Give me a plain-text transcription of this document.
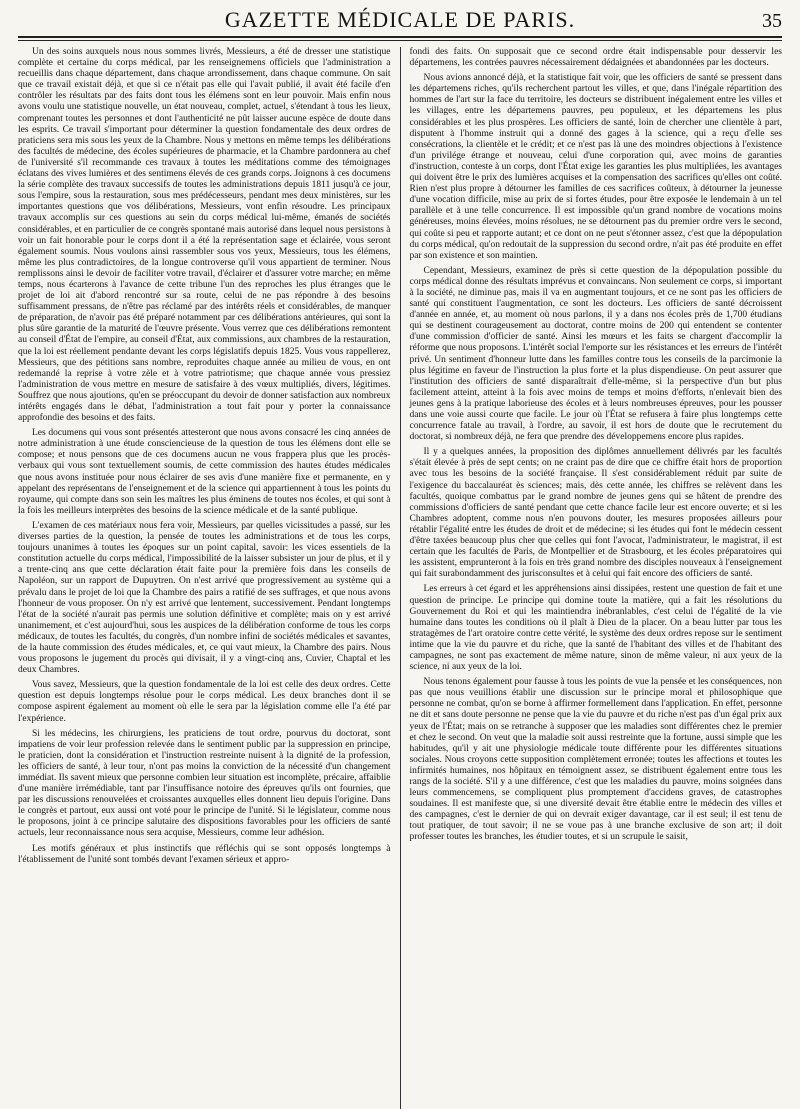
GAZETTE MÉDICALE DE PARIS.	35

Un des soins auxquels nous nous sommes livrés, Messieurs, a été de dresser une statistique complète et certaine du corps médical, par les renseignemens officiels que l'administration a recueillis dans chaque département, dans chaque arrondissement, dans chaque commune. On sait que ce travail existait déjà, et que si ce n'était pas elle qui l'avait publié, il avait été facile d'en contrôler les résultats par des faits dont tous les élémens sont en leur pouvoir. Mais enfin nous avons voulu une statistique nouvelle, un état nouveau, complet, actuel, s'étendant à tous les lieux, comprenant toutes les personnes et dont l'authenticité ne pût laisser aucune espèce de doute dans les esprits. Ce travail s'important pour déterminer la question fondamentale des deux ordres de praticiens sera mis sous les yeux de la Chambre. Nous y mettons en même temps les délibérations des facultés de médecine, des écoles supérieures de pharmacie, et la Chambre pardonnera au chef de l'université s'il recommande ces travaux à toutes les méditations comme des témoignages éclatans des vives lumières et des sentimens élevés de ces grands corps. Joignons à ces documens la série complète des travaux successifs de toutes les administrations depuis 1811 jusqu'à ce jour, sous l'empire, sous la restauration, sous mes prédécesseurs, pendant mes deux ministères, sur les importantes questions que vos délibérations, Messieurs, vont enfin résoudre. Les principaux travaux accomplis sur ces questions au sein du corps médical lui-même, émanés de sociétés considérables, et en particulier de ce congrès spontané mais autorisé dans lequel nous persistons à voir un fait honorable pour le corps dont il a été la représentation sage et éclairée, vous seront également soumis. Nous voulons ainsi rassembler sous vos yeux, Messieurs, tous les élémens, même les plus contradictoires, de la longue controverse qu'il vous appartient de terminer. Nous remplissons ainsi le devoir de faciliter votre travail, d'éclairer et d'assurer votre marche; en même temps, nous écarterons à l'avance de cette tribune l'un des reproches les plus étranges que le projet de loi ait d'abord rencontré sur sa route, celui de ne pas répondre à des besoins suffisamment pressans, de n'être pas réclamé par des intérêts réels et considérables, de manquer de préparation, de n'avoir pas été préparé notamment par ces délibérations antérieures, qui sont la plus sûre garantie de la maturité de l'œuvre présente. Vous verrez que ces délibérations remontent au conseil d'État de l'empire, au conseil d'État, aux commissions, aux chambres de la restauration, que la loi est réellement pendante devant les corps législatifs depuis 1825. Vous vous rappellerez, Messieurs, que des pétitions sans nombre, reproduites chaque année au milieu de vous, en ont redemandé la reprise à votre zèle et à votre patriotisme; que chaque année vous pressiez l'administration de vous mettre en mesure de satisfaire à des vœux multipliés, divers, légitimes. Souffrez que nous ajoutions, qu'en se préoccupant du devoir de donner satisfaction aux nombreux intérêts engagés dans le débat, l'administration a tout fait pour y porter la connaissance approfondie des besoins et des faits.

Les documens qui vous sont présentés attesteront que nous avons consacré les cinq années de notre administration à une étude consciencieuse de la question de tous les élémens dont elle se compose; et nous pensons que de ces documens aucun ne vous frappera plus que les procès-verbaux qui vous sont textuellement soumis, de cette commission des hautes études médicales que nous avons instituée pour nous éclairer de ses avis d'une manière fixe et permanente, en y appelant des représentans de l'enseignement et de la science qui appartiennent à tous les points du royaume, qui compte dans son sein les maîtres les plus éminens de toutes nos écoles, et qui sont à la fois les meilleurs interprètes des besoins de la science médicale et de la santé publique.

L'examen de ces matériaux nous fera voir, Messieurs, par quelles vicissitudes a passé, sur les diverses parties de la question, la pensée de toutes les administrations et de tous les corps, toujours unanimes à toutes les époques sur un point capital, savoir: les vices essentiels de la constitution actuelle du corps médical, l'impossibilité de la laisser subsister un jour de plus, et il y a trente-cinq ans que cette déclaration était faite pour la première fois dans les conseils de Napoléon, sur un rapport de Dupuytren. On n'est arrivé que progressivement au système qui a prévalu dans le projet de loi que la Chambre des pairs a ratifié de ses suffrages, et que nous avons l'honneur de vous proposer. On n'y est arrivé que lentement, successivement. Pendant longtemps l'état de la société n'aurait pas permis une solution définitive et complète; mais on y est arrivé unanimement, et c'est aujourd'hui, sous les auspices de la délibération conforme de tous les corps médicaux, de toutes les facultés, du congrès, d'un nombre infini de sociétés médicales et savantes, de la haute commission des études médicales, et, ce qui vaut mieux, la Chambre des pairs. Nous vous proposons le jugement du procès qui divisait, il y a vingt-cinq ans, Cuvier, Chaptal et les deux Chambres.

Vous savez, Messieurs, que la question fondamentale de la loi est celle des deux ordres. Cette question est depuis longtemps résolue pour le corps médical. Les deux branches dont il se compose aspirent également au moment où elle le sera par la législation comme elle l'a été par l'expérience.

Si les médecins, les chirurgiens, les praticiens de tout ordre, pourvus du doctorat, sont impatiens de voir leur profession relevée dans le sentiment public par la suppression en principe, le praticien, dont la considération et l'instruction restreinte nuisent à la dignité de la profession, les officiers de santé, à leur tour, n'ont pas moins la conviction de la nécessité d'un changement immédiat. Ils savent mieux que personne combien leur situation est incomplète, précaire, affaiblie d'une manière irrémédiable, tant par l'insuffisance notoire des épreuves qu'ils ont fournies, que par les discussions renouvelées et croissantes auxquelles elles donnent lieu depuis l'origine. Dans le congrès et partout, eux aussi ont voté pour le principe de l'unité. Si le législateur, comme nous le proposons, joint à ce principe salutaire des dispositions favorables pour les officiers de santé actuels, leur reconnaissance nous sera acquise, Messieurs, comme leur adhésion.

Les motifs généraux et plus instinctifs que réfléchis qui se sont opposés longtemps à l'établissement de l'unité sont tombés devant l'examen sérieux et appro-

fondi des faits. On supposait que ce second ordre était indispensable pour desservir les départemens, les contrées pauvres nécessairement dédaignées et abandonnées par les docteurs.

Nous avions annoncé déjà, et la statistique fait voir, que les officiers de santé se pressent dans les départemens riches, qu'ils recherchent partout les villes, et que, dans l'inégale répartition des hommes de l'art sur la face du territoire, les docteurs se distribuent inégalement entre les villes et les villages, entre les départemens pauvres, peu populeux, et les départemens les plus considérables et les plus prospères. Les officiers de santé, loin de chercher une clientèle à part, disputent à l'homme instruit qui a donné des gages à la science, qui a reçu d'elle ses consécrations, la clientèle et le crédit; et ce n'est pas là une des moindres objections à l'existence d'un privilége étrange et nouveau, celui d'une corporation qui, avec moins de garanties d'instruction, conteste à un corps, dont l'État exige les garanties les plus multipliées, les avantages qui doivent être le prix des lumières acquises et la compensation des sacrifices qu'elles ont coûté. Rien n'est plus propre à détourner les familles de ces sacrifices coûteux, à détourner la jeunesse d'une vocation difficile, mise au prix de si fortes études, pour être exposée le lendemain à un tel parallèle et à une telle concurrence. Il est impossible qu'un grand nombre de vocations moins généreuses, moins élevées, moins résolues, ne se détournent pas du premier ordre vers le second, qui coûte si peu et rapporte autant; et ce dont on ne peut s'étonner assez, c'est que la dépopulation du corps médical, qu'on redoutait de la suppression du second ordre, n'ait pas été produite en effet par son existence et son maintien.

Cependant, Messieurs, examinez de près si cette question de la dépopulation possible du corps médical donne des résultats imprévus et convaincans. Non seulement ce corps, si important à la société, ne diminue pas, mais il va en augmentant toujours, et ce ne sont pas les officiers de santé qui constituent l'augmentation, ce sont les docteurs. Les officiers de santé décroissent d'année en année, et, au moment où nous parlons, il y a dans nos écoles près de 1,700 étudians qui se destinent courageusement au doctorat, contre moins de 200 qui entendent se contenter d'une commission d'officier de santé. Ainsi les mœurs et les faits se chargent d'accomplir la réforme que nous proposons. L'intérêt social l'emporte sur les résistances et les erreurs de l'intérêt privé. Un sentiment d'honneur lutte dans les familles contre tous les conseils de la parcimonie la plus légitime en faveur de l'instruction la plus forte et la plus dispendieuse. On peut assurer que l'institution des officiers de santé disparaîtrait d'elle-même, si la perspective d'un but plus facilement atteint, atteint à la fois avec moins de temps et moins d'efforts, n'enlevait bien des jeunes gens à la pratique laborieuse des écoles et à leurs nombreuses épreuves, pour les pousser dans une voie aussi courte que facile. Le jour où l'État se refusera à faire plus longtemps cette concurrence fatale au travail, à l'ordre, au savoir, il est hors de doute que le recrutement du doctorat, si nombreux déjà, ne fera que prendre des développemens encore plus rapides.

Il y a quelques années, la proposition des diplômes annuellement délivrés par les facultés s'était élevée à près de sept cents; on ne craint pas de dire que ce chiffre était hors de proportion avec tous les besoins de la société française. Il s'est considérablement réduit par suite de l'exigence du baccalauréat ès sciences; mais, dès cette année, les chiffres se relèvent dans les facultés, quoique combattus par le grand nombre de jeunes gens qui se hâtent de prendre des commissions d'officiers de santé pendant que cette chance facile leur est encore ouverte; et si les Chambres adoptent, comme nous n'en pouvons douter, les mesures proposées ailleurs pour rétablir l'égalité entre les études de droit et de médecine; si les études qui font le médecin cessent d'être taxées beaucoup plus cher que celles qui font l'avocat, l'administrateur, le magistrat, il est certain que les facultés de Paris, de Montpellier et de Strasbourg, et les écoles préparatoires qui les assistent, emprunteront à la fois en très grand nombre des disciples nouveaux à l'enseignement qui fait surabondamment des jurisconsultes et à celui qui fait encore des officiers de santé.

Les erreurs à cet égard et les appréhensions ainsi dissipées, restent une question de fait et une question de principe. Le principe qui domine toute la matière, qui a fait les résolutions du Gouvernement du Roi et qui les maintiendra inébranlables, c'est celui de l'égalité de la vie humaine dans toutes les conditions où il plaît à Dieu de la placer. On a beau lutter par tous les stratagèmes de l'art oratoire contre cette vérité, le système des deux ordres repose sur le sentiment intime que la vie du pauvre et du riche, que la santé de l'habitant des villes et de l'habitant des campagnes, ne sont pas exactement de même nature, sinon de même valeur, ni aux yeux de la science, ni aux yeux de la loi.

Nous tenons également pour fausse à tous les points de vue la pensée et les conséquences, non pas que nous veuillions établir une discussion sur le principe moral et philosophique que personne ne combat, qu'on se borne à affirmer formellement dans l'application. En effet, personne ne dit et sans doute personne ne pense que la vie du pauvre et du riche n'est pas d'un égal prix aux yeux de l'État; mais on se retranche à supposer que les maladies sont différentes chez le premier et chez le second. On veut que la maladie soit aussi restreinte que la fortune, aussi simple que les habitudes, qu'il y ait une physiologie médicale toute différente pour les différentes situations sociales. Nous croyons cette supposition complètement erronée; toutes les affections et toutes les infirmités humaines, nos hôpitaux en témoignent assez, se distribuent également entre tous les rangs de la société. S'il y a une différence, c'est que les maladies du pauvre, moins soignées dans leurs commencemens, se compliquent plus promptement d'accidens graves, de catastrophes soudaines. Il est manifeste que, si une diversité devait être établie entre le médecin des villes et des campagnes, c'est le dernier de qui on devrait exiger davantage, car il est seul; il est tenu de tout pratiquer, de tout savoir; il ne se voue pas à une branche exclusive de son art; il doit professer toutes les branches, les étudier toutes, et si un scrupule le saisit,
